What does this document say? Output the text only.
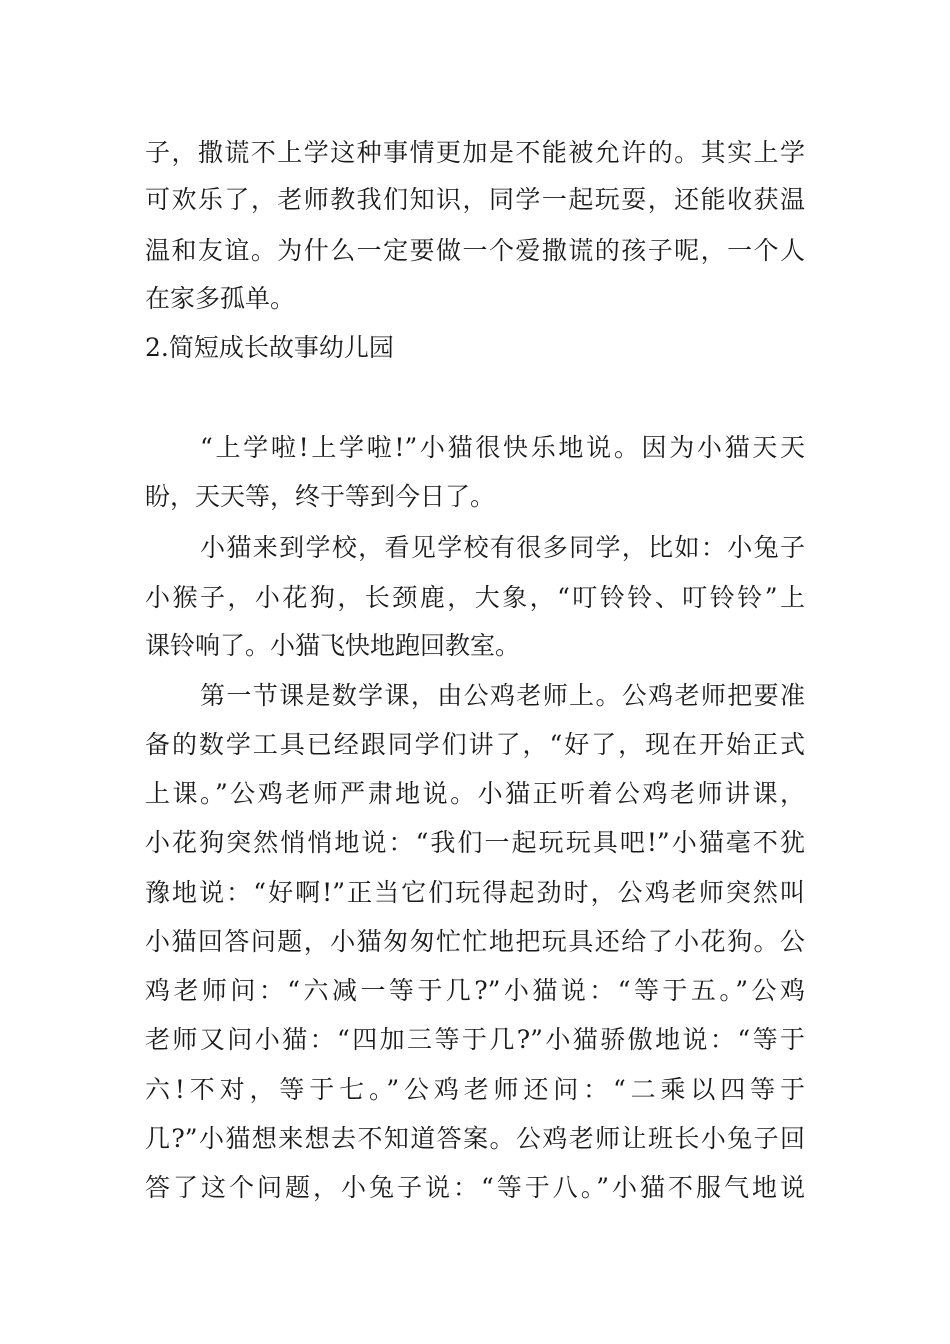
子，撒谎不上学这种事情更加是不能被允许的。其实上学

可欢乐了，老师教我们知识，同学一起玩耍，还能收获温

温和友谊。为什么一定要做一个爱撒谎的孩子呢，一个人

在家多孤单。

2.简短成长故事幼儿园

“上学啦!上学啦!”小猫很快乐地说。因为小猫天天

盼，天天等，终于等到今日了。

小猫来到学校，看见学校有很多同学，比如：小兔子

小猴子，小花狗，长颈鹿，大象，“叮铃铃、叮铃铃”上

课铃响了。小猫飞快地跑回教室。

第一节课是数学课，由公鸡老师上。公鸡老师把要准

备的数学工具已经跟同学们讲了，“好了，现在开始正式

上课。”公鸡老师严肃地说。小猫正听着公鸡老师讲课，

小花狗突然悄悄地说：“我们一起玩玩具吧!”小猫毫不犹

豫地说：“好啊!”正当它们玩得起劲时，公鸡老师突然叫

小猫回答问题，小猫匆匆忙忙地把玩具还给了小花狗。公

鸡老师问：“六减一等于几?”小猫说：“等于五。”公鸡

老师又问小猫：“四加三等于几?”小猫骄傲地说：“等于

六!不对，等于七。”公鸡老师还问：“二乘以四等于

几?”小猫想来想去不知道答案。公鸡老师让班长小兔子回

答了这个问题，小兔子说：“等于八。”小猫不服气地说
